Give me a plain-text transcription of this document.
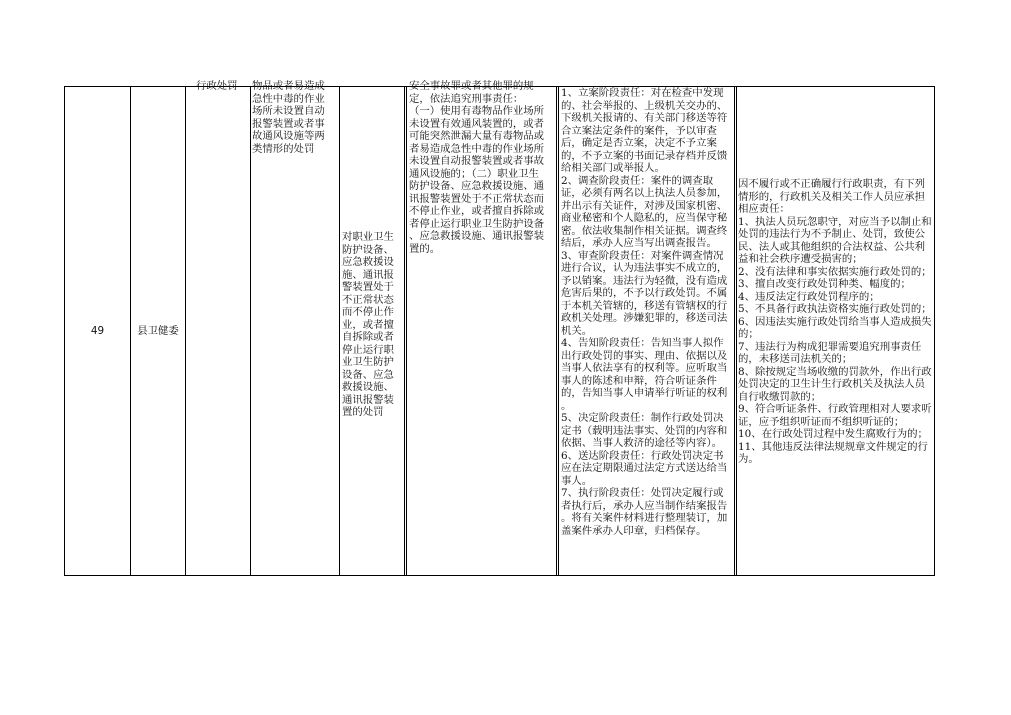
49	县卫健委
行政处罚	物品或者易造成
急性中毒的作业
场所未设置自动
报警装置或者事
故通风设施等两
类情形的处罚
对职业卫生
防护设备、
应急救援设
施、通讯报
警装置处于
不正常状态
而不停止作
业，或者擅
自拆除或者
停止运行职
业卫生防护
设备、应急
救援设施、
通讯报警装
置的处罚
安全事故罪或者其他罪的规
定，依法追究刑事责任：
（一）使用有毒物品作业场所
未设置有效通风装置的，或者
可能突然泄漏大量有毒物品或
者易造成急性中毒的作业场所
未设置自动报警装置或者事故
通风设施的；（二）职业卫生
防护设备、应急救援设施、通
讯报警装置处于不正常状态而
不停止作业，或者擅自拆除或
者停止运行职业卫生防护设备
、应急救援设施、通讯报警装
置的。
1、立案阶段责任：对在检查中发现
的、社会举报的、上级机关交办的、
下级机关报请的、有关部门移送等符
合立案法定条件的案件，予以审查
后，确定是否立案，决定不予立案
的，不予立案的书面记录存档并反馈
给相关部门或举报人。
2、调查阶段责任：案件的调查取
证，必须有两名以上执法人员参加，
并出示有关证件，对涉及国家机密、
商业秘密和个人隐私的，应当保守秘
密。依法收集制作相关证据。调查终
结后，承办人应当写出调查报告。
3、审查阶段责任：对案件调查情况
进行合议，认为违法事实不成立的，
予以销案。违法行为轻微，没有造成
危害后果的，不予以行政处罚。不属
于本机关管辖的，移送有管辖权的行
政机关处理。涉嫌犯罪的，移送司法
机关。
4、告知阶段责任：告知当事人拟作
出行政处罚的事实、理由、依据以及
当事人依法享有的权利等。应听取当
事人的陈述和申辩，符合听证条件
的，告知当事人申请举行听证的权利
。
5、决定阶段责任：制作行政处罚决
定书（载明违法事实、处罚的内容和
依据、当事人救济的途径等内容）。
6、送达阶段责任：行政处罚决定书
应在法定期限通过法定方式送达给当
事人。
7、执行阶段责任：处罚决定履行或
者执行后，承办人应当制作结案报告
。将有关案件材料进行整理装订，加
盖案件承办人印章，归档保存。
因不履行或不正确履行行政职责，有下列
情形的，行政机关及相关工作人员应承担
相应责任：
1、执法人员玩忽职守，对应当予以制止和
处罚的违法行为不予制止、处罚，致使公
民、法人或其他组织的合法权益、公共利
益和社会秩序遭受损害的；
2、没有法律和事实依据实施行政处罚的；
3、擅自改变行政处罚种类、幅度的；
4、违反法定行政处罚程序的；
5、不具备行政执法资格实施行政处罚的；
6、因违法实施行政处罚给当事人造成损失
的；
7、违法行为构成犯罪需要追究刑事责任
的，未移送司法机关的；
8、除按规定当场收缴的罚款外，作出行政
处罚决定的卫生计生行政机关及执法人员
自行收缴罚款的；
9、符合听证条件、行政管理相对人要求听
证，应予组织听证而不组织听证的；
10、在行政处罚过程中发生腐败行为的；
11、其他违反法律法规规章文件规定的行
为。
